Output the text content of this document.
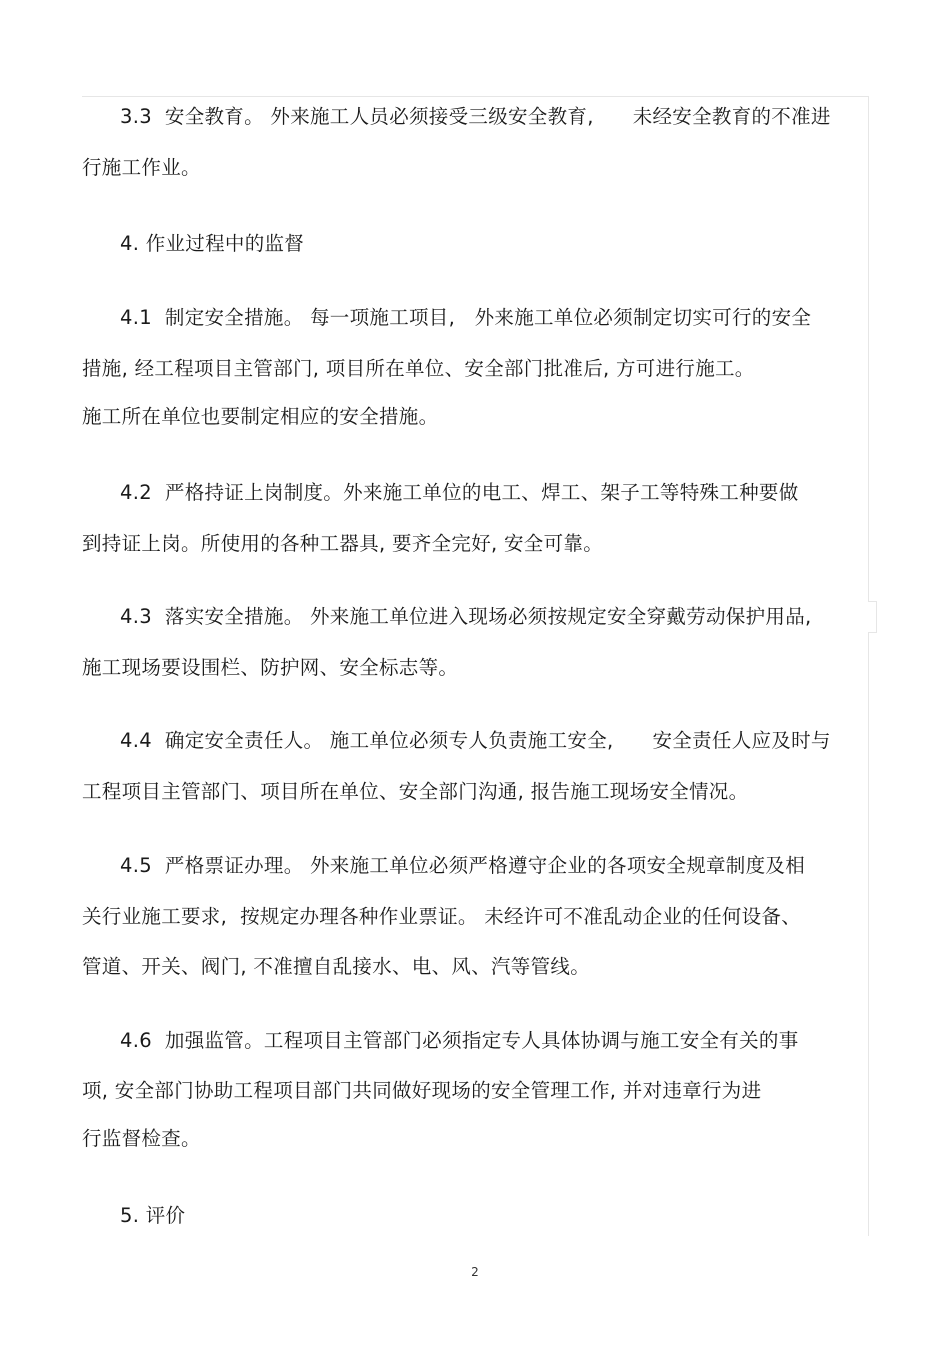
3.3  安全教育。 外来施工人员必须接受三级安全教育,      未经安全教育的不准进
行施工作业。
4. 作业过程中的监督
4.1  制定安全措施。 每一项施工项目,   外来施工单位必须制定切实可行的安全
措施, 经工程项目主管部门, 项目所在单位、安全部门批准后, 方可进行施工。
施工所在单位也要制定相应的安全措施。
4.2  严格持证上岗制度。外来施工单位的电工、焊工、架子工等特殊工种要做
到持证上岗。所使用的各种工器具, 要齐全完好, 安全可靠。
4.3  落实安全措施。 外来施工单位进入现场必须按规定安全穿戴劳动保护用品,
施工现场要设围栏、防护网、安全标志等。
4.4  确定安全责任人。 施工单位必须专人负责施工安全,      安全责任人应及时与
工程项目主管部门、项目所在单位、安全部门沟通, 报告施工现场安全情况。
4.5  严格票证办理。 外来施工单位必须严格遵守企业的各项安全规章制度及相
关行业施工要求,  按规定办理各种作业票证。 未经许可不准乱动企业的任何设备、
管道、开关、阀门, 不准擅自乱接水、电、风、汽等管线。
4.6  加强监管。工程项目主管部门必须指定专人具体协调与施工安全有关的事
项, 安全部门协助工程项目部门共同做好现场的安全管理工作, 并对违章行为进
行监督检查。
5. 评价
2
